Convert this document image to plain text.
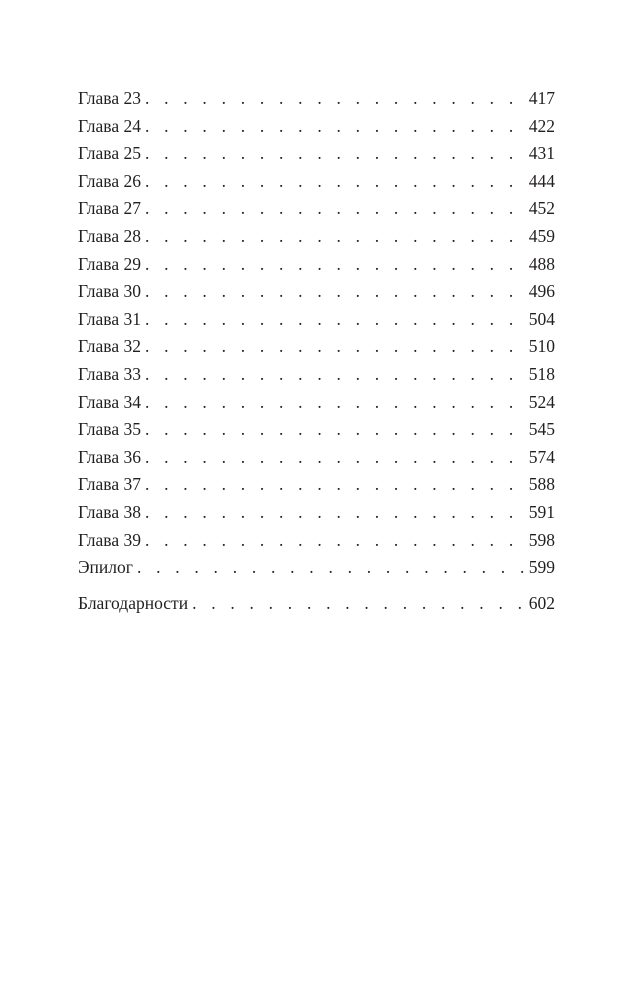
Глава 23 . . .	417
Глава 24 . . .	422
Глава 25 . . .	431
Глава 26 . . .	444
Глава 27 . . .	452
Глава 28 . . .	459
Глава 29 . . .	488
Глава 30 . . .	496
Глава 31 . . .	504
Глава 32 . . .	510
Глава 33 . . .	518
Глава 34 . . .	524
Глава 35 . . .	545
Глава 36 . . .	574
Глава 37 . . .	588
Глава 38 . . .	591
Глава 39 . . .	598
Эпилог . . .	599
Благодарности . . .	602
